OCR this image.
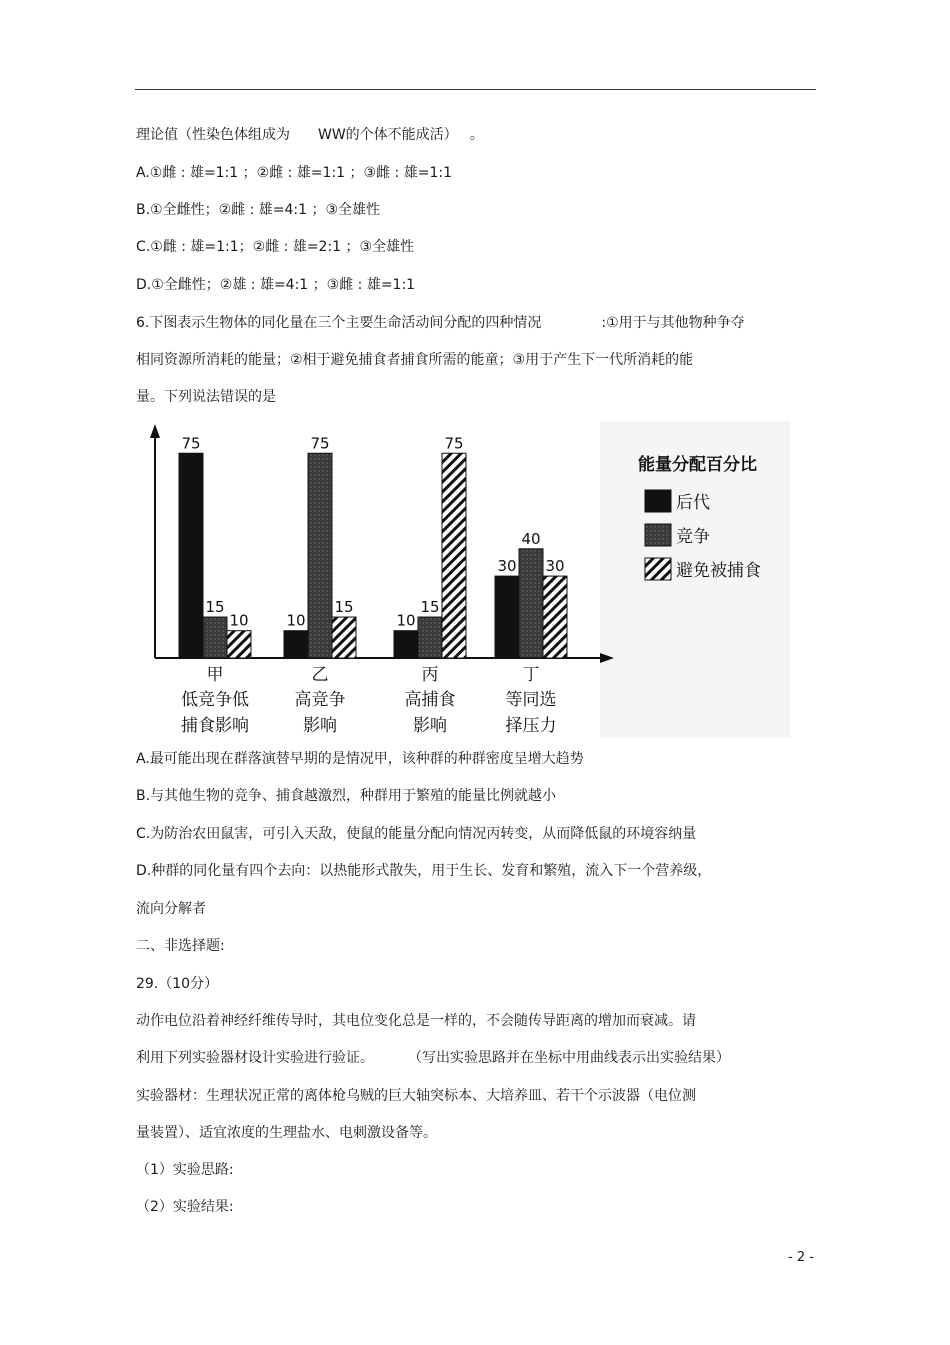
理论值（性染色体组成为 WW的个体不能成活） 。
A.①雌 : 雄=1:1 ；②雌 : 雄=1:1 ；③雌 : 雄=1:1
B.①全雌性；②雌 : 雄=4:1 ；③全雄性
C.①雌 : 雄=1:1；②雌 : 雄=2:1 ；③全雄性
D.①全雌性；②雄 : 雄=4:1 ；③雌 : 雄=1:1
6.下图表示生物体的同化量在三个主要生命活动间分配的四种情况	:①用于与其他物种争夺
相同资源所消耗的能量；②相于避免捕食者捕食所需的能童；③用于产生下一代所消耗的能
量。下列说法错误的是
75
15
10
甲
低竞争低
捕食影响
10
75
15
乙
高竞争
影响
10
15
75
丙
高捕食
影响
30
40
30
丁
等同选
择压力
能量分配百分比
后代
竞争
避免被捕食
A.最可能出现在群落演替早期的是情况甲，该种群的种群密度呈增大趋势
B.与其他生物的竞争、捕食越激烈，种群用于繁殖的能量比例就越小
C.为防治农田鼠害，可引入天敌，使鼠的能量分配向情况丙转变，从而降低鼠的环境容纳量
D.种群的同化量有四个去向：以热能形式散失，用于生长、发育和繁殖，流入下一个营养级，
流向分解者
二、非选择题:
29.（10分）
动作电位沿着神经纤维传导时，其电位变化总是一样的，不会随传导距离的增加而衰减。请
利用下列实验器材设计实验进行验证。 （写出实验思路并在坐标中用曲线表示出实验结果）
实验器材：生理状况正常的离体枪乌贼的巨大轴突标本、大培养皿、若干个示波器（电位测
量装置）、适宜浓度的生理盐水、电刺激设备等。
（1）实验思路:
（2）实验结果:
- 2 -
